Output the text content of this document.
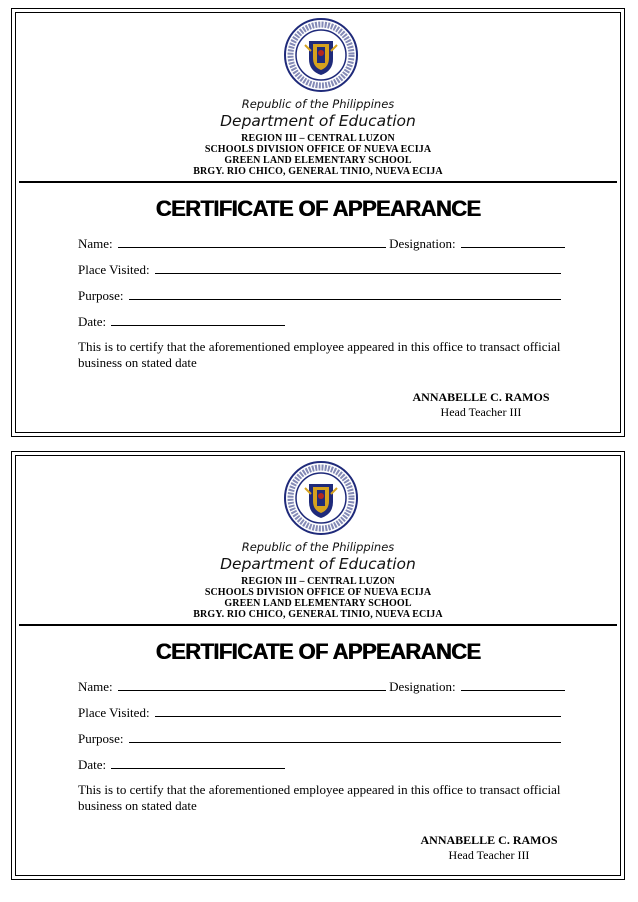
Republic of the Philippines
Department of Education
REGION III – CENTRAL LUZON
SCHOOLS DIVISION OFFICE OF NUEVA ECIJA
GREEN LAND ELEMENTARY SCHOOL
BRGY. RIO CHICO, GENERAL TINIO, NUEVA ECIJA
CERTIFICATE OF APPEARANCE
Name:	Designation:
Place Visited:
Purpose:
Date:
This is to certify that the aforementioned employee appeared in this office to transact official business on stated date
ANNABELLE C. RAMOS
Head Teacher III
Republic of the Philippines
Department of Education
REGION III – CENTRAL LUZON
SCHOOLS DIVISION OFFICE OF NUEVA ECIJA
GREEN LAND ELEMENTARY SCHOOL
BRGY. RIO CHICO, GENERAL TINIO, NUEVA ECIJA
CERTIFICATE OF APPEARANCE
Name:	Designation:
Place Visited:
Purpose:
Date:
This is to certify that the aforementioned employee appeared in this office to transact official business on stated date
ANNABELLE C. RAMOS
Head Teacher III
